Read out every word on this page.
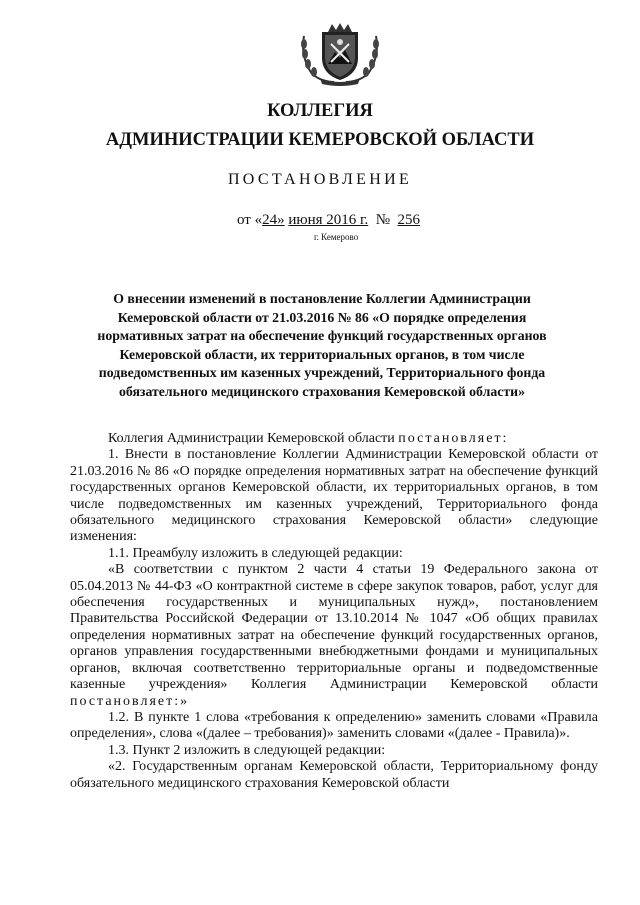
КОЛЛЕГИЯ
АДМИНИСТРАЦИИ КЕМЕРОВСКОЙ ОБЛАСТИ
ПОСТАНОВЛЕНИЕ
от «24» июня 2016 г. № 256
г. Кемерово
О внесении изменений в постановление Коллегии Администрации Кемеровской области от 21.03.2016 № 86 «О порядке определения нормативных затрат на обеспечение функций государственных органов Кемеровской области, их территориальных органов, в том числе подведомственных им казенных учреждений, Территориального фонда обязательного медицинского страхования Кемеровской области»

Коллегия Администрации Кемеровской области постановляет:

1. Внести в постановление Коллегии Администрации Кемеровской области от 21.03.2016 № 86 «О порядке определения нормативных затрат на обеспечение функций государственных органов Кемеровской области, их территориальных органов, в том числе подведомственных им казенных учреждений, Территориального фонда обязательного медицинского страхования Кемеровской области» следующие изменения:

1.1. Преамбулу изложить в следующей редакции:

«В соответствии с пунктом 2 части 4 статьи 19 Федерального закона от 05.04.2013 № 44-ФЗ «О контрактной системе в сфере закупок товаров, работ, услуг для обеспечения государственных и муниципальных нужд», постановлением Правительства Российской Федерации от 13.10.2014 № 1047 «Об общих правилах определения нормативных затрат на обеспечение функций государственных органов, органов управления государственными внебюджетными фондами и муниципальных органов, включая соответственно территориальные органы и подведомственные казенные учреждения» Коллегия Администрации Кемеровской области постановляет:»

1.2. В пункте 1 слова «требования к определению» заменить словами «Правила определения», слова «(далее – требования)» заменить словами «(далее - Правила)».

1.3. Пункт 2 изложить в следующей редакции:

«2. Государственным органам Кемеровской области, Территориальному фонду обязательного медицинского страхования Кемеровской области
